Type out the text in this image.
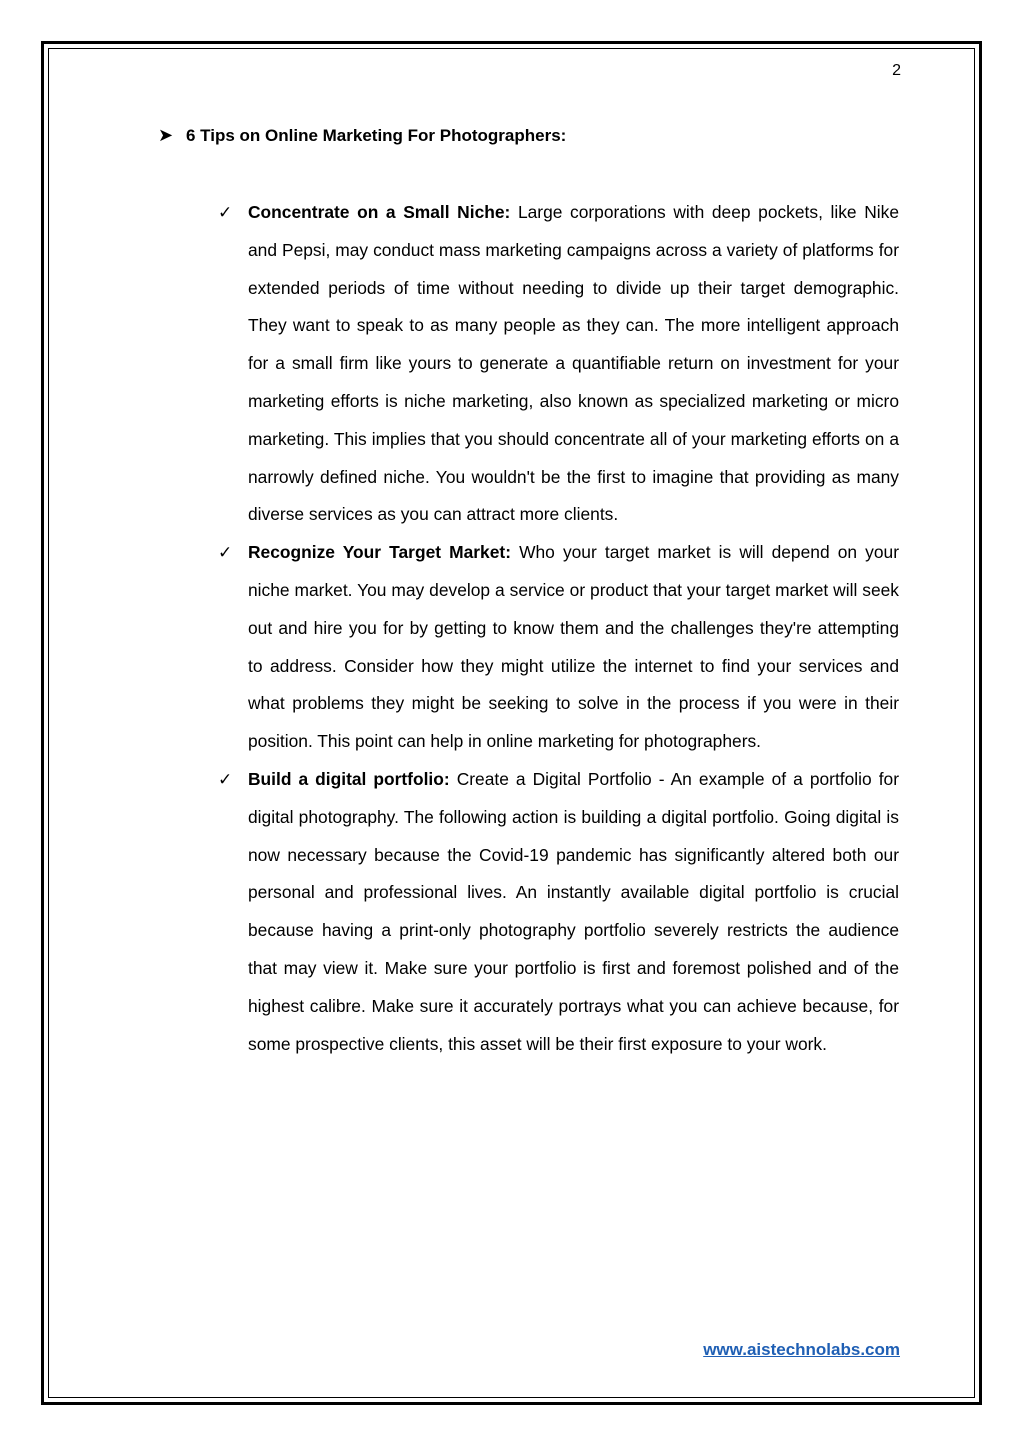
2
➤ 6 Tips on Online Marketing For Photographers:
✓ Concentrate on a Small Niche: Large corporations with deep pockets, like Nike and Pepsi, may conduct mass marketing campaigns across a variety of platforms for extended periods of time without needing to divide up their target demographic. They want to speak to as many people as they can. The more intelligent approach for a small firm like yours to generate a quantifiable return on investment for your marketing efforts is niche marketing, also known as specialized marketing or micro marketing. This implies that you should concentrate all of your marketing efforts on a narrowly defined niche. You wouldn't be the first to imagine that providing as many diverse services as you can attract more clients.
✓ Recognize Your Target Market: Who your target market is will depend on your niche market. You may develop a service or product that your target market will seek out and hire you for by getting to know them and the challenges they're attempting to address. Consider how they might utilize the internet to find your services and what problems they might be seeking to solve in the process if you were in their position. This point can help in online marketing for photographers.
✓ Build a digital portfolio: Create a Digital Portfolio - An example of a portfolio for digital photography. The following action is building a digital portfolio. Going digital is now necessary because the Covid-19 pandemic has significantly altered both our personal and professional lives. An instantly available digital portfolio is crucial because having a print-only photography portfolio severely restricts the audience that may view it. Make sure your portfolio is first and foremost polished and of the highest calibre. Make sure it accurately portrays what you can achieve because, for some prospective clients, this asset will be their first exposure to your work.
www.aistechnolabs.com
